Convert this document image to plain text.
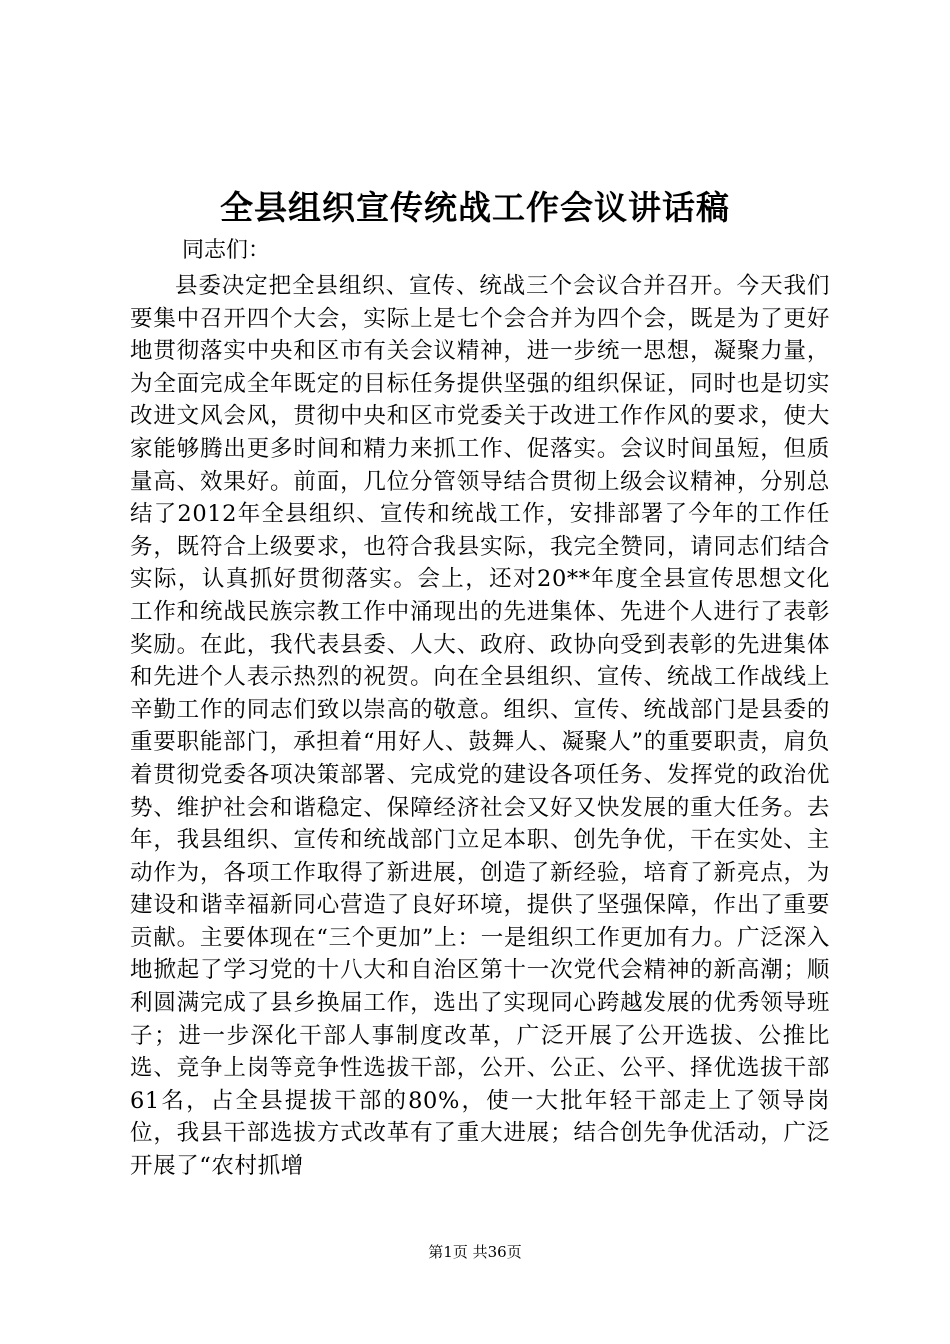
全县组织宣传统战工作会议讲话稿

同志们：

县委决定把全县组织、宣传、统战三个会议合并召开。今天我们要集中召开四个大会，实际上是七个会合并为四个会，既是为了更好地贯彻落实中央和区市有关会议精神，进一步统一思想，凝聚力量，为全面完成全年既定的目标任务提供坚强的组织保证，同时也是切实改进文风会风，贯彻中央和区市党委关于改进工作作风的要求，使大家能够腾出更多时间和精力来抓工作、促落实。会议时间虽短，但质量高、效果好。前面，几位分管领导结合贯彻上级会议精神，分别总结了2012年全县组织、宣传和统战工作，安排部署了今年的工作任务，既符合上级要求，也符合我县实际，我完全赞同，请同志们结合实际，认真抓好贯彻落实。会上，还对20**年度全县宣传思想文化工作和统战民族宗教工作中涌现出的先进集体、先进个人进行了表彰奖励。在此，我代表县委、人大、政府、政协向受到表彰的先进集体和先进个人表示热烈的祝贺。向在全县组织、宣传、统战工作战线上辛勤工作的同志们致以崇高的敬意。组织、宣传、统战部门是县委的重要职能部门，承担着“用好人、鼓舞人、凝聚人”的重要职责，肩负着贯彻党委各项决策部署、完成党的建设各项任务、发挥党的政治优势、维护社会和谐稳定、保障经济社会又好又快发展的重大任务。去年，我县组织、宣传和统战部门立足本职、创先争优，干在实处、主动作为，各项工作取得了新进展，创造了新经验，培育了新亮点，为建设和谐幸福新同心营造了良好环境，提供了坚强保障，作出了重要贡献。主要体现在“三个更加”上：一是组织工作更加有力。广泛深入地掀起了学习党的十八大和自治区第十一次党代会精神的新高潮；顺利圆满完成了县乡换届工作，选出了实现同心跨越发展的优秀领导班子；进一步深化干部人事制度改革，广泛开展了公开选拔、公推比选、竞争上岗等竞争性选拔干部，公开、公正、公平、择优选拔干部61名，占全县提拔干部的80%，使一大批年轻干部走上了领导岗位，我县干部选拔方式改革有了重大进展；结合创先争优活动，广泛开展了“农村抓增

第1页 共36页
